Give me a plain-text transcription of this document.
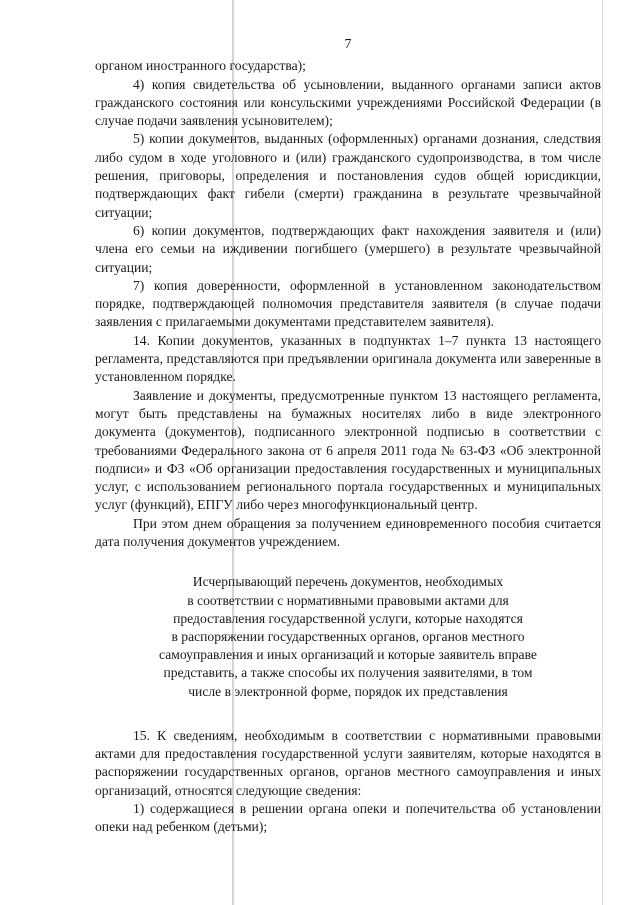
7

органом иностранного государства);

4) копия свидетельства об усыновлении, выданного органами записи актов гражданского состояния или консульскими учреждениями Российской Федерации (в случае подачи заявления усыновителем);

5) копии документов, выданных (оформленных) органами дознания, следствия либо судом в ходе уголовного и (или) гражданского судопроизводства, в том числе решения, приговоры, определения и постановления судов общей юрисдикции, подтверждающих факт гибели (смерти) гражданина в результате чрезвычайной ситуации;

6) копии документов, подтверждающих факт нахождения заявителя и (или) члена его семьи на иждивении погибшего (умершего) в результате чрезвычайной ситуации;

7) копия доверенности, оформленной в установленном законодательством порядке, подтверждающей полномочия представителя заявителя (в случае подачи заявления с прилагаемыми документами представителем заявителя).

14. Копии документов, указанных в подпунктах 1–7 пункта 13 настоящего регламента, представляются при предъявлении оригинала документа или заверенные в установленном порядке.

Заявление и документы, предусмотренные пунктом 13 настоящего регламента, могут быть представлены на бумажных носителях либо в виде электронного документа (документов), подписанного электронной подписью в соответствии с требованиями Федерального закона от 6 апреля 2011 года № 63-ФЗ «Об электронной подписи» и ФЗ «Об организации предоставления государственных и муниципальных услуг, с использованием регионального портала государственных и муниципальных услуг (функций), ЕПГУ либо через многофункциональный центр.

При этом днем обращения за получением единовременного пособия считается дата получения документов учреждением.

Исчерпывающий перечень документов, необходимых
в соответствии с нормативными правовыми актами для
предоставления государственной услуги, которые находятся
в распоряжении государственных органов, органов местного
самоуправления и иных организаций и которые заявитель вправе
представить, а также способы их получения заявителями, в том
числе в электронной форме, порядок их представления

15. К сведениям, необходимым в соответствии с нормативными правовыми актами для предоставления государственной услуги заявителям, которые находятся в распоряжении государственных органов, органов местного самоуправления и иных организаций, относятся следующие сведения:

1) содержащиеся в решении органа опеки и попечительства об установлении опеки над ребенком (детьми);
